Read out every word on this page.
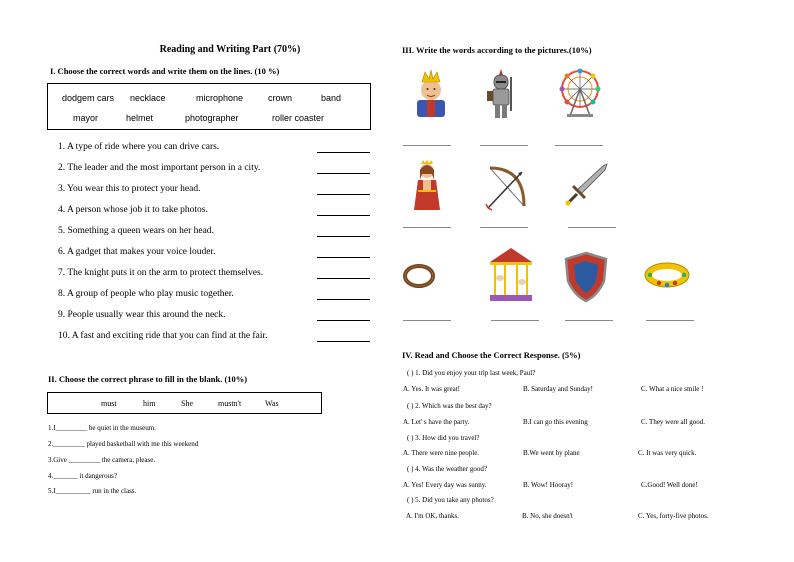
Reading and Writing Part (70%)
I. Choose the correct words and write them on the lines. (10 %)
dodgem cars necklace	microphone	crown	band
mayor	helmet	photographer	roller coaster
1. A type of ride where you can drive cars.
2. The leader and the most important person in a city.
3. You wear this to protect your head.
4. A person whose job it to take photos.
5. Something a queen wears on her head.
6. A gadget that makes your voice louder.
7. The knight puts it on the arm to protect themselves.
8. A group of people who play music together.
9. People usually wear this around the neck.
10. A fast and exciting ride that you can find at the fair.
II. Choose the correct phrase to fill in the blank. (10%)
must	him	She	mustn't	Was
1.I_________ be quiet in the museum.
2._________ played basketball with me this weekend
3.Give _________ the camera, please.
4._______ it dangerous?
5.I__________ run in the class.
III. Write the words according to the pictures.(10%)
IV. Read and Choose the Correct Response. (5%)
( ) 1. Did you enjoy your trip last week, Paul?
A. Yes. It was great!	B. Saturday and Sunday!	C. What a nice smile !
( ) 2. Which was the best day?
A. Let' s have the party.	B.I can go this evening	C. They were all good.
( ) 3. How did you travel?
A. There were nine people.	B.We went by plane	C. It was very quick.
( ) 4. Was the weather good?
A. Yes! Every day was sunny.	B. Wow! Hooray!	C.Good! Well done!
( ) 5. Did you take any photos?
A. I'm OK, thanks.	B. No, she doesn't	C. Yes, forty-five photos.
